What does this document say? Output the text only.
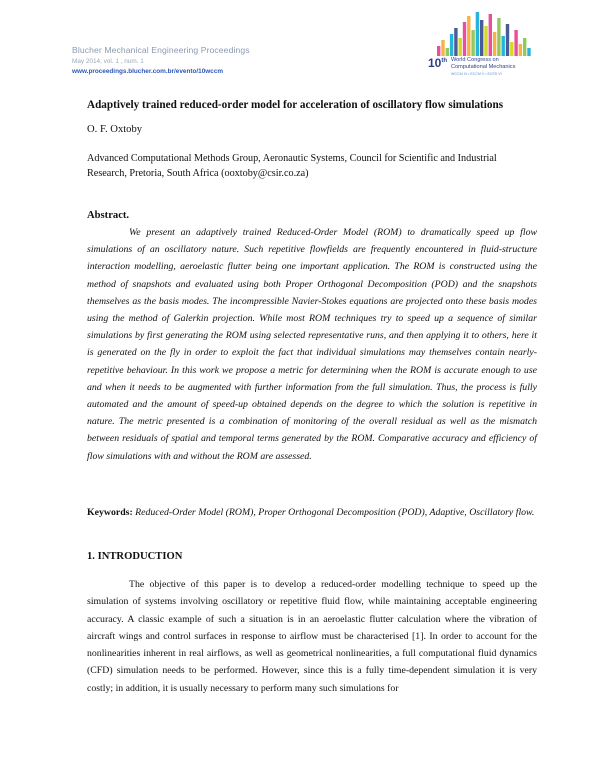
Blucher Mechanical Engineering Proceedings
May 2014, vol. 1 , num. 1
www.proceedings.blucher.com.br/evento/10wccm
10th World Congress on
Computational Mechanics
WCCM XI • ECCM V • ECFD VI
Adaptively trained reduced-order model for acceleration of oscillatory flow simulations
O. F. Oxtoby
Advanced Computational Methods Group, Aeronautic Systems, Council for Scientific and Industrial Research, Pretoria, South Africa (ooxtoby@csir.co.za)
Abstract.

We present an adaptively trained Reduced-Order Model (ROM) to dramatically speed up flow simulations of an oscillatory nature. Such repetitive flowfields are frequently encountered in fluid-structure interaction modelling, aeroelastic flutter being one important application. The ROM is constructed using the method of snapshots and evaluated using both Proper Orthogonal Decomposition (POD) and the snapshots themselves as the basis modes. The incompressible Navier-Stokes equations are projected onto these basis modes using the method of Galerkin projection. While most ROM techniques try to speed up a sequence of similar simulations by first generating the ROM using selected representative runs, and then applying it to others, here it is generated on the fly in order to exploit the fact that individual simulations may themselves contain nearly-repetitive behaviour. In this work we propose a metric for determining when the ROM is accurate enough to use and when it needs to be augmented with further information from the full simulation. Thus, the process is fully automated and the amount of speed-up obtained depends on the degree to which the solution is repetitive in nature. The metric presented is a combination of monitoring of the overall residual as well as the mismatch between residuals of spatial and temporal terms generated by the ROM. Comparative accuracy and efficiency of flow simulations with and without the ROM are assessed.

Keywords: Reduced-Order Model (ROM), Proper Orthogonal Decomposition (POD), Adaptive, Oscillatory flow.

1. INTRODUCTION

The objective of this paper is to develop a reduced-order modelling technique to speed up the simulation of systems involving oscillatory or repetitive fluid flow, while maintaining acceptable engineering accuracy. A classic example of such a situation is in an aeroelastic flutter calculation where the vibration of aircraft wings and control surfaces in response to airflow must be characterised [1]. In order to account for the nonlinearities inherent in real airflows, as well as geometrical nonlinearities, a full computational fluid dynamics (CFD) simulation needs to be performed. However, since this is a fully time-dependent simulation it is very costly; in addition, it is usually necessary to perform many such simulations for
